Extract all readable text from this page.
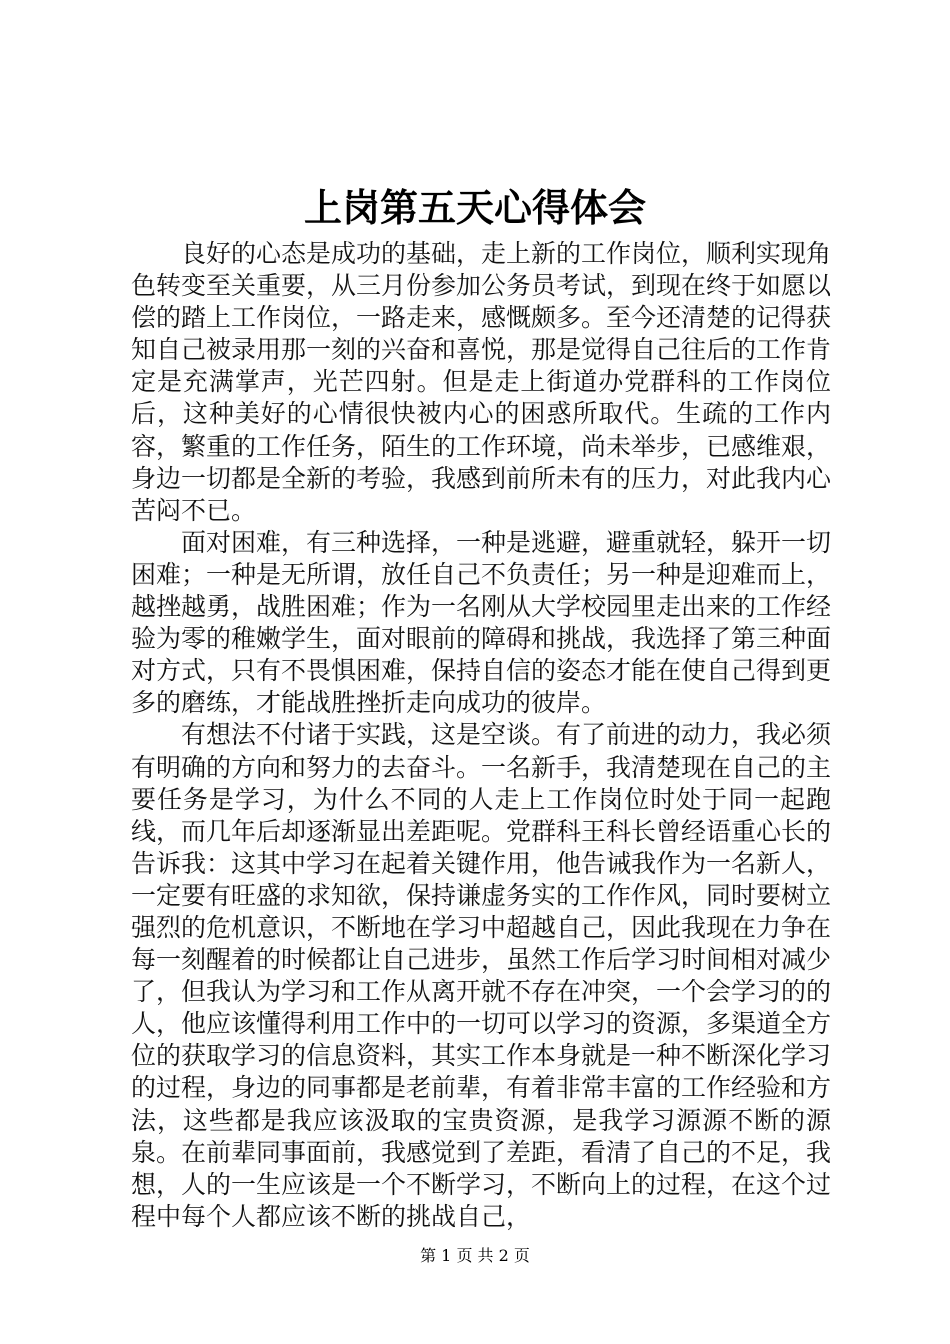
上岗第五天心得体会

良好的心态是成功的基础，走上新的工作岗位，顺利实现角色转变至关重要，从三月份参加公务员考试，到现在终于如愿以偿的踏上工作岗位，一路走来，感慨颇多。至今还清楚的记得获知自己被录用那一刻的兴奋和喜悦，那是觉得自己往后的工作肯定是充满掌声，光芒四射。但是走上街道办党群科的工作岗位后，这种美好的心情很快被内心的困惑所取代。生疏的工作内容，繁重的工作任务，陌生的工作环境，尚未举步，已感维艰，身边一切都是全新的考验，我感到前所未有的压力，对此我内心苦闷不已。

面对困难，有三种选择，一种是逃避，避重就轻，躲开一切困难；一种是无所谓，放任自己不负责任；另一种是迎难而上，越挫越勇，战胜困难；作为一名刚从大学校园里走出来的工作经验为零的稚嫩学生，面对眼前的障碍和挑战，我选择了第三种面对方式，只有不畏惧困难，保持自信的姿态才能在使自己得到更多的磨练，才能战胜挫折走向成功的彼岸。

有想法不付诸于实践，这是空谈。有了前进的动力，我必须有明确的方向和努力的去奋斗。一名新手，我清楚现在自己的主要任务是学习，为什么不同的人走上工作岗位时处于同一起跑线，而几年后却逐渐显出差距呢。党群科王科长曾经语重心长的告诉我：这其中学习在起着关键作用，他告诫我作为一名新人，一定要有旺盛的求知欲，保持谦虚务实的工作作风，同时要树立强烈的危机意识，不断地在学习中超越自己，因此我现在力争在每一刻醒着的时候都让自己进步，虽然工作后学习时间相对减少了，但我认为学习和工作从离开就不存在冲突，一个会学习的的人，他应该懂得利用工作中的一切可以学习的资源，多渠道全方位的获取学习的信息资料，其实工作本身就是一种不断深化学习的过程，身边的同事都是老前辈，有着非常丰富的工作经验和方法，这些都是我应该汲取的宝贵资源，是我学习源源不断的源泉。在前辈同事面前，我感觉到了差距，看清了自己的不足，我想，人的一生应该是一个不断学习，不断向上的过程，在这个过程中每个人都应该不断的挑战自己，

第 1 页 共 2 页
